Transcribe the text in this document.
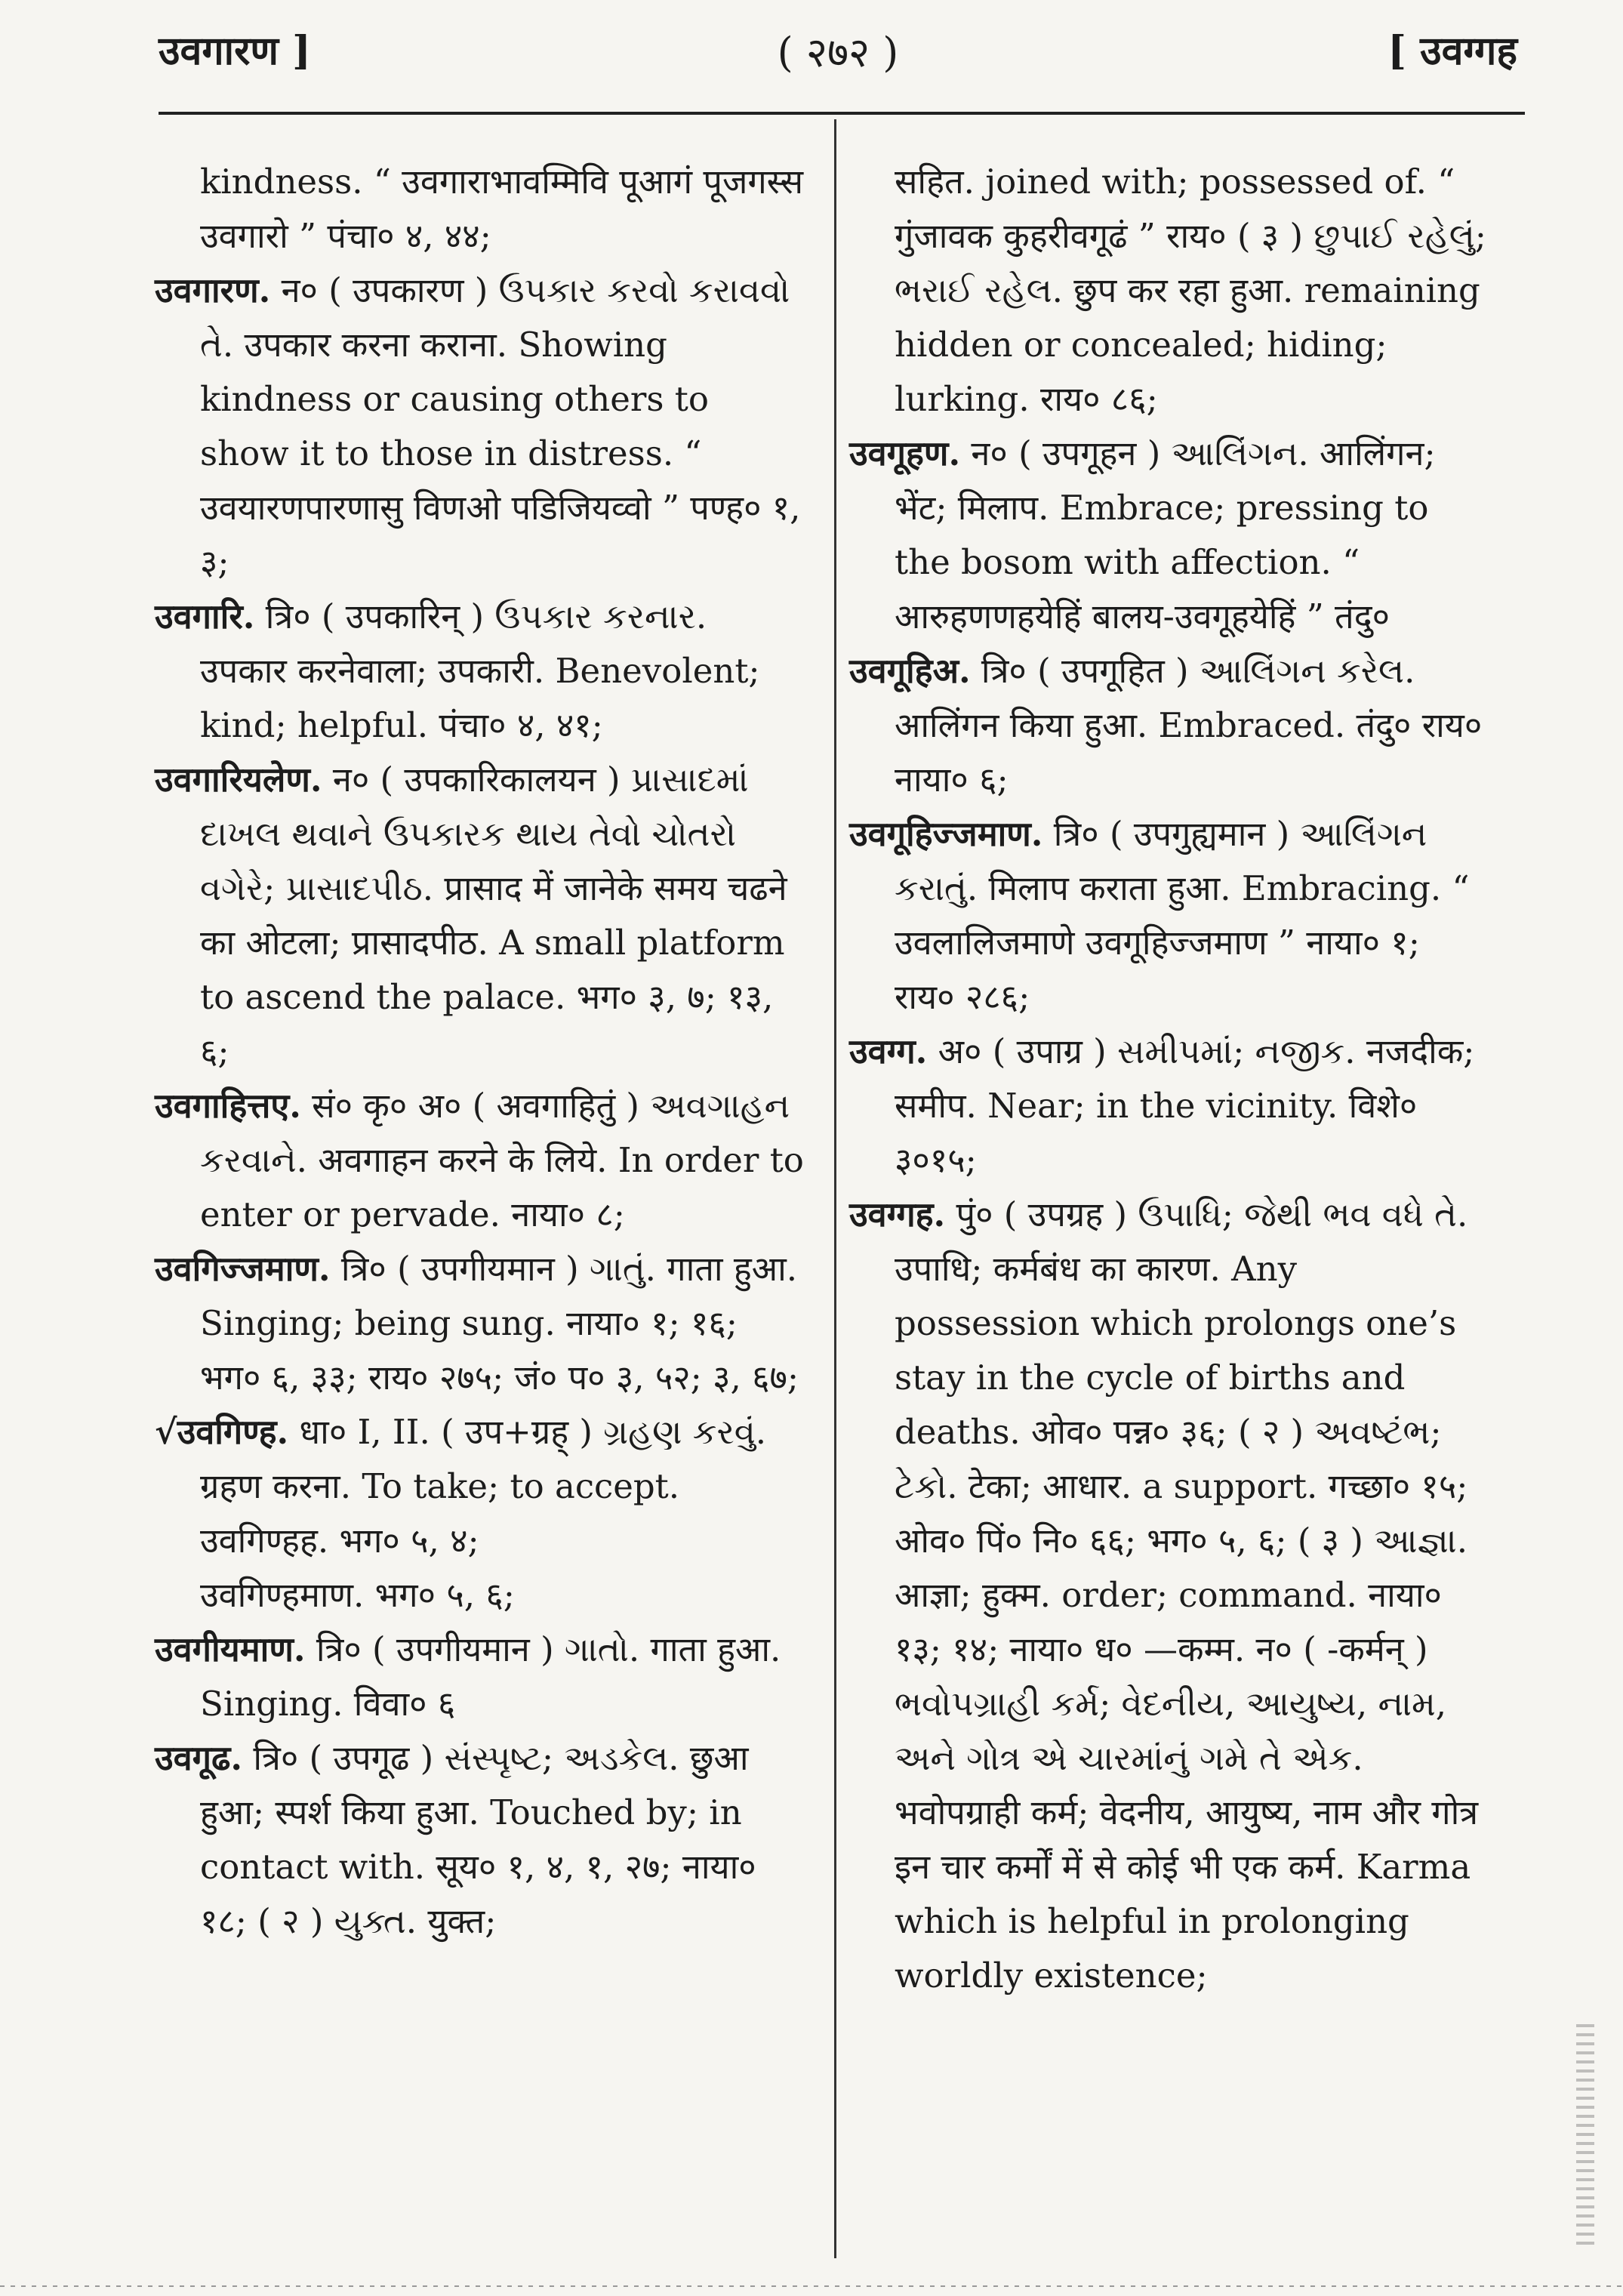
उवगारण ]	( २७२ )	[ उवग्गह
kindness. “ उवगाराभावम्मिवि पूआगं पूजगस्स उवगारो ” पंचा० ४, ४४;
उवगारण. न० ( उपकारण ) ઉપકાર કરવો કરાવવો તે. उपकार करना कराना. Showing kindness or causing others to show it to those in distress. “ उवयारणपारणासु विणओ पडिजियव्वो ” पण्ह० १, ३;
उवगारि. त्रि० ( उपकारिन् ) ઉપકાર કરનાર. उपकार करनेवाला; उपकारी. Benevolent; kind; helpful. पंचा० ४, ४१;
उवगारियलेण. न० ( उपकारिकालयन ) પ્રાસાદમાં દાખલ થવાને ઉપકારક થાય તેવો ચોતરો વગેરે; પ્રાસાદપીઠ. प्रासाद में जानेके समय चढने का ओटला; प्रासादपीठ. A small platform to ascend the palace. भग० ३, ७; १३, ६;
उवगाहित्तए. सं० कृ० अ० ( अवगाहितुं ) અવગાહન કરવાને. अवगाहन करने के लिये. In order to enter or pervade. नाया० ८;
उवगिज्जमाण. त्रि० ( उपगीयमान ) ગાતું. गाता हुआ. Singing; being sung. नाया० १; १६; भग० ६, ३३; राय० २७५; जं० प० ३, ५२; ३, ६७;
√उवगिण्ह. धा० I, II. ( उप+ग्रह् ) ગ્રહણ કરવું. ग्रहण करना. To take; to accept.
उवगिण्हह. भग० ५, ४;
उवगिण्हमाण. भग० ५, ६;
उवगीयमाण. त्रि० ( उपगीयमान ) ગાતો. गाता हुआ. Singing. विवा० ६
उवगूढ. त्रि० ( उपगूढ ) સંસ્પૃષ્ટ; અડકેલ. छुआ हुआ; स्पर्श किया हुआ. Touched by; in contact with. सूय० १, ४, १, २७; नाया० १८; ( २ ) યુક્ત. युक्त;
सहित. joined with; possessed of. “ गुंजावक कुहरीवगूढं ” राय० ( ३ ) છુપાઈ રહેલું; ભરાઈ રહેલ. छुप कर रहा हुआ. remaining hidden or concealed; hiding; lurking. राय० ८६;
उवगूहण. न० ( उपगूहन ) આલિંગન. आलिंगन; भेंट; मिलाप. Embrace; pressing to the bosom with affection. “ आरुहणणहयेहिं बालय-उवगूहयेहिं ” तंदु०
उवगूहिअ. त्रि० ( उपगूहित ) આલિંગન કરેલ. आलिंगन किया हुआ. Embraced. तंदु० राय० नाया० ६;
उवगूहिज्जमाण. त्रि० ( उपगुह्यमान ) આલિંગન કરાતું. मिलाप कराता हुआ. Embracing. “ उवलालिजमाणे उवगूहिज्जमाण ” नाया० १; राय० २८६;
उवग्ग. अ० ( उपाग्र ) સમીપમાં; નજીક. नजदीक; समीप. Near; in the vicinity. विशे० ३०१५;
उवग्गह. पुं० ( उपग्रह ) ઉપાધિ; જેથી ભવ વધે તે. उपाधि; कर्मबंध का कारण. Any possession which prolongs one’s stay in the cycle of births and deaths. ओव० पन्न० ३६; ( २ ) અવષ્ટંભ; ટેકો. टेका; आधार. a support. गच्छा० १५; ओव० पिं० नि० ६६; भग० ५, ६; ( ३ ) આજ્ઞા. आज्ञा; हुक्म. order; command. नाया० १३; १४; नाया० ध० —कम्म. न० ( -कर्मन् ) ભવોપગ્રાહી કર્મ; વેદનીય, આયુષ્ય, નામ, અને ગોત્ર એ ચારમાંનું ગમે તે એક. भवोपग्राही कर्म; वेदनीय, आयुष्य, नाम और गोत्र इन चार कर्मों में से कोई भी एक कर्म. Karma which is helpful in prolonging worldly existence;
